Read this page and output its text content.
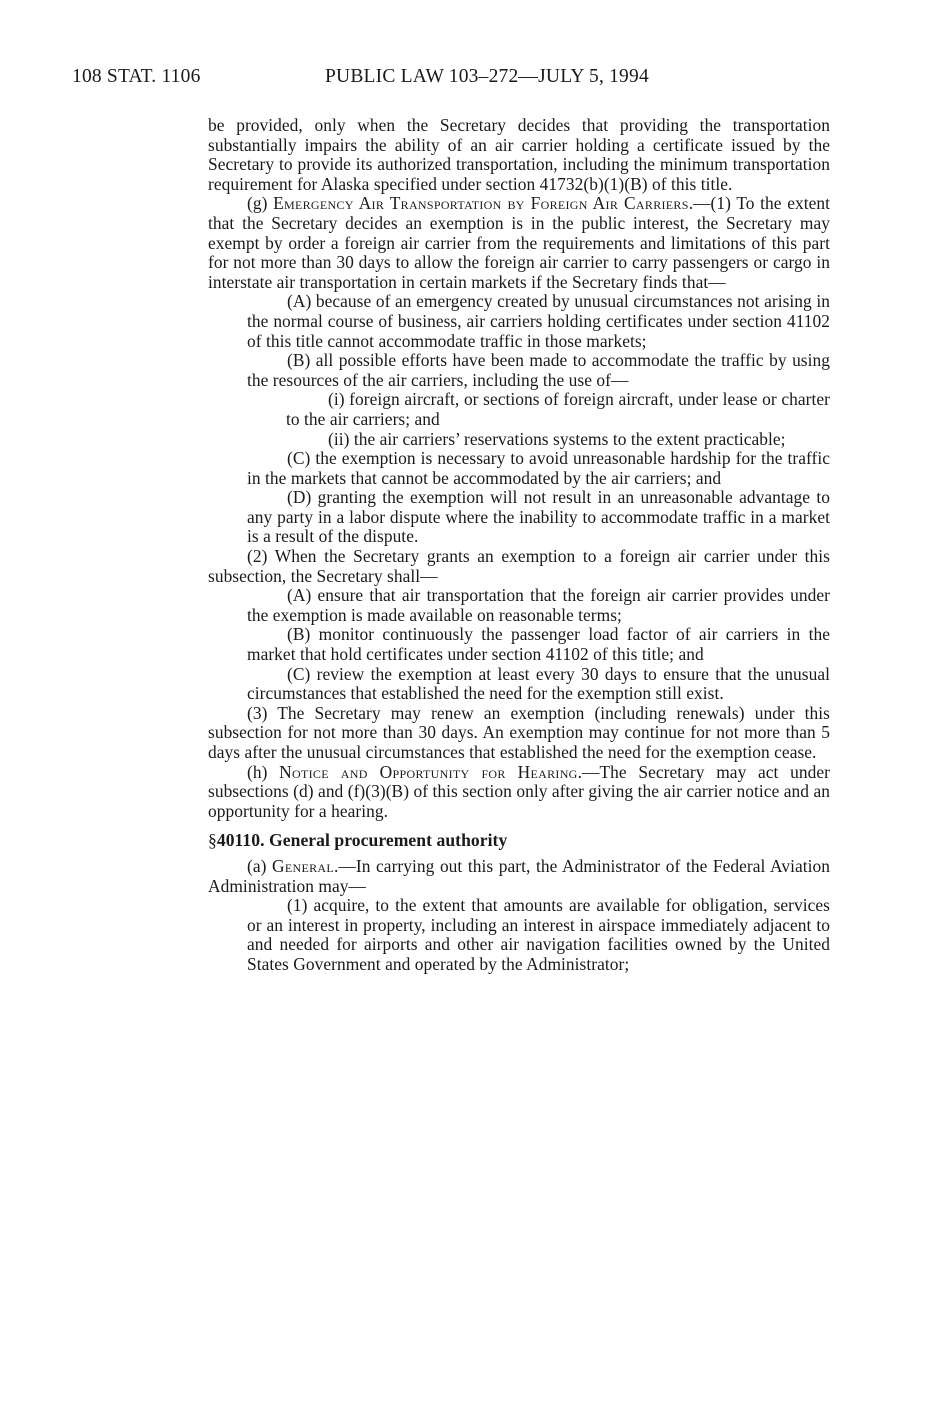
108 STAT. 1106	PUBLIC LAW 103–272—JULY 5, 1994

be provided, only when the Secretary decides that providing the transportation substantially impairs the ability of an air carrier holding a certificate issued by the Secretary to provide its authorized transportation, including the minimum transportation requirement for Alaska specified under section 41732(b)(1)(B) of this title.

(g) Emergency Air Transportation by Foreign Air Carriers.—(1) To the extent that the Secretary decides an exemption is in the public interest, the Secretary may exempt by order a foreign air carrier from the requirements and limitations of this part for not more than 30 days to allow the foreign air carrier to carry passengers or cargo in interstate air transportation in certain markets if the Secretary finds that—

(A) because of an emergency created by unusual circumstances not arising in the normal course of business, air carriers holding certificates under section 41102 of this title cannot accommodate traffic in those markets;

(B) all possible efforts have been made to accommodate the traffic by using the resources of the air carriers, including the use of—

(i) foreign aircraft, or sections of foreign aircraft, under lease or charter to the air carriers; and

(ii) the air carriers’ reservations systems to the extent practicable;

(C) the exemption is necessary to avoid unreasonable hardship for the traffic in the markets that cannot be accommodated by the air carriers; and

(D) granting the exemption will not result in an unreasonable advantage to any party in a labor dispute where the inability to accommodate traffic in a market is a result of the dispute.

(2) When the Secretary grants an exemption to a foreign air carrier under this subsection, the Secretary shall—

(A) ensure that air transportation that the foreign air carrier provides under the exemption is made available on reasonable terms;

(B) monitor continuously the passenger load factor of air carriers in the market that hold certificates under section 41102 of this title; and

(C) review the exemption at least every 30 days to ensure that the unusual circumstances that established the need for the exemption still exist.

(3) The Secretary may renew an exemption (including renewals) under this subsection for not more than 30 days. An exemption may continue for not more than 5 days after the unusual circumstances that established the need for the exemption cease.

(h) Notice and Opportunity for Hearing.—The Secretary may act under subsections (d) and (f)(3)(B) of this section only after giving the air carrier notice and an opportunity for a hearing.

§40110. General procurement authority

(a) General.—In carrying out this part, the Administrator of the Federal Aviation Administration may—

(1) acquire, to the extent that amounts are available for obligation, services or an interest in property, including an interest in airspace immediately adjacent to and needed for airports and other air navigation facilities owned by the United States Government and operated by the Administrator;
